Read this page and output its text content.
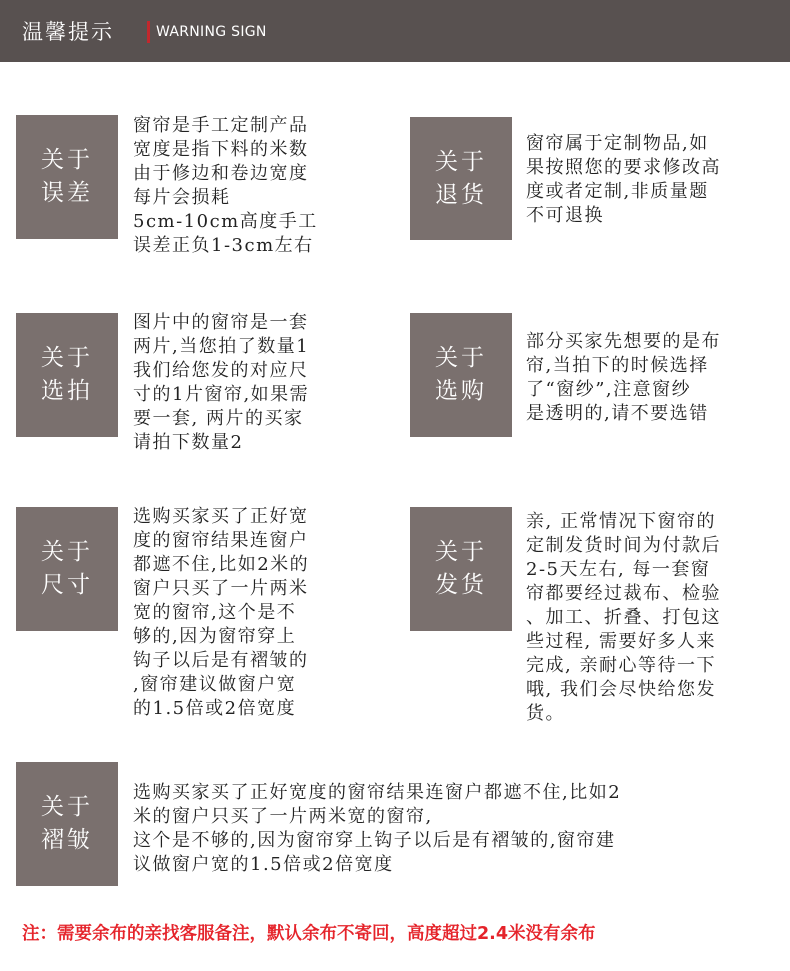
温馨提示	WARNING SIGN
关于
误差
窗帘是手工定制产品
宽度是指下料的米数
由于修边和卷边宽度
每片会损耗
5cm-10cm高度手工
误差正负1-3cm左右
关于
退货
窗帘属于定制物品,如
果按照您的要求修改高
度或者定制,非质量题
不可退换
关于
选拍
图片中的窗帘是一套
两片,当您拍了数量1
我们给您发的对应尺
寸的1片窗帘,如果需
要一套, 两片的买家
请拍下数量2
关于
选购
部分买家先想要的是布
帘,当拍下的时候选择
了“窗纱”,注意窗纱
是透明的,请不要选错
关于
尺寸
选购买家买了正好宽
度的窗帘结果连窗户
都遮不住,比如2米的
窗户只买了一片两米
宽的窗帘,这个是不
够的,因为窗帘穿上
钩子以后是有褶皱的
,窗帘建议做窗户宽
的1.5倍或2倍宽度
关于
发货
亲, 正常情况下窗帘的
定制发货时间为付款后
2-5天左右, 每一套窗
帘都要经过裁布、检验
、加工、折叠、打包这
些过程, 需要好多人来
完成, 亲耐心等待一下
哦, 我们会尽快给您发
货。
关于
褶皱
选购买家买了正好宽度的窗帘结果连窗户都遮不住,比如2
米的窗户只买了一片两米宽的窗帘,
这个是不够的,因为窗帘穿上钩子以后是有褶皱的,窗帘建
议做窗户宽的1.5倍或2倍宽度
注：需要余布的亲找客服备注，默认余布不寄回，高度超过2.4米没有余布
